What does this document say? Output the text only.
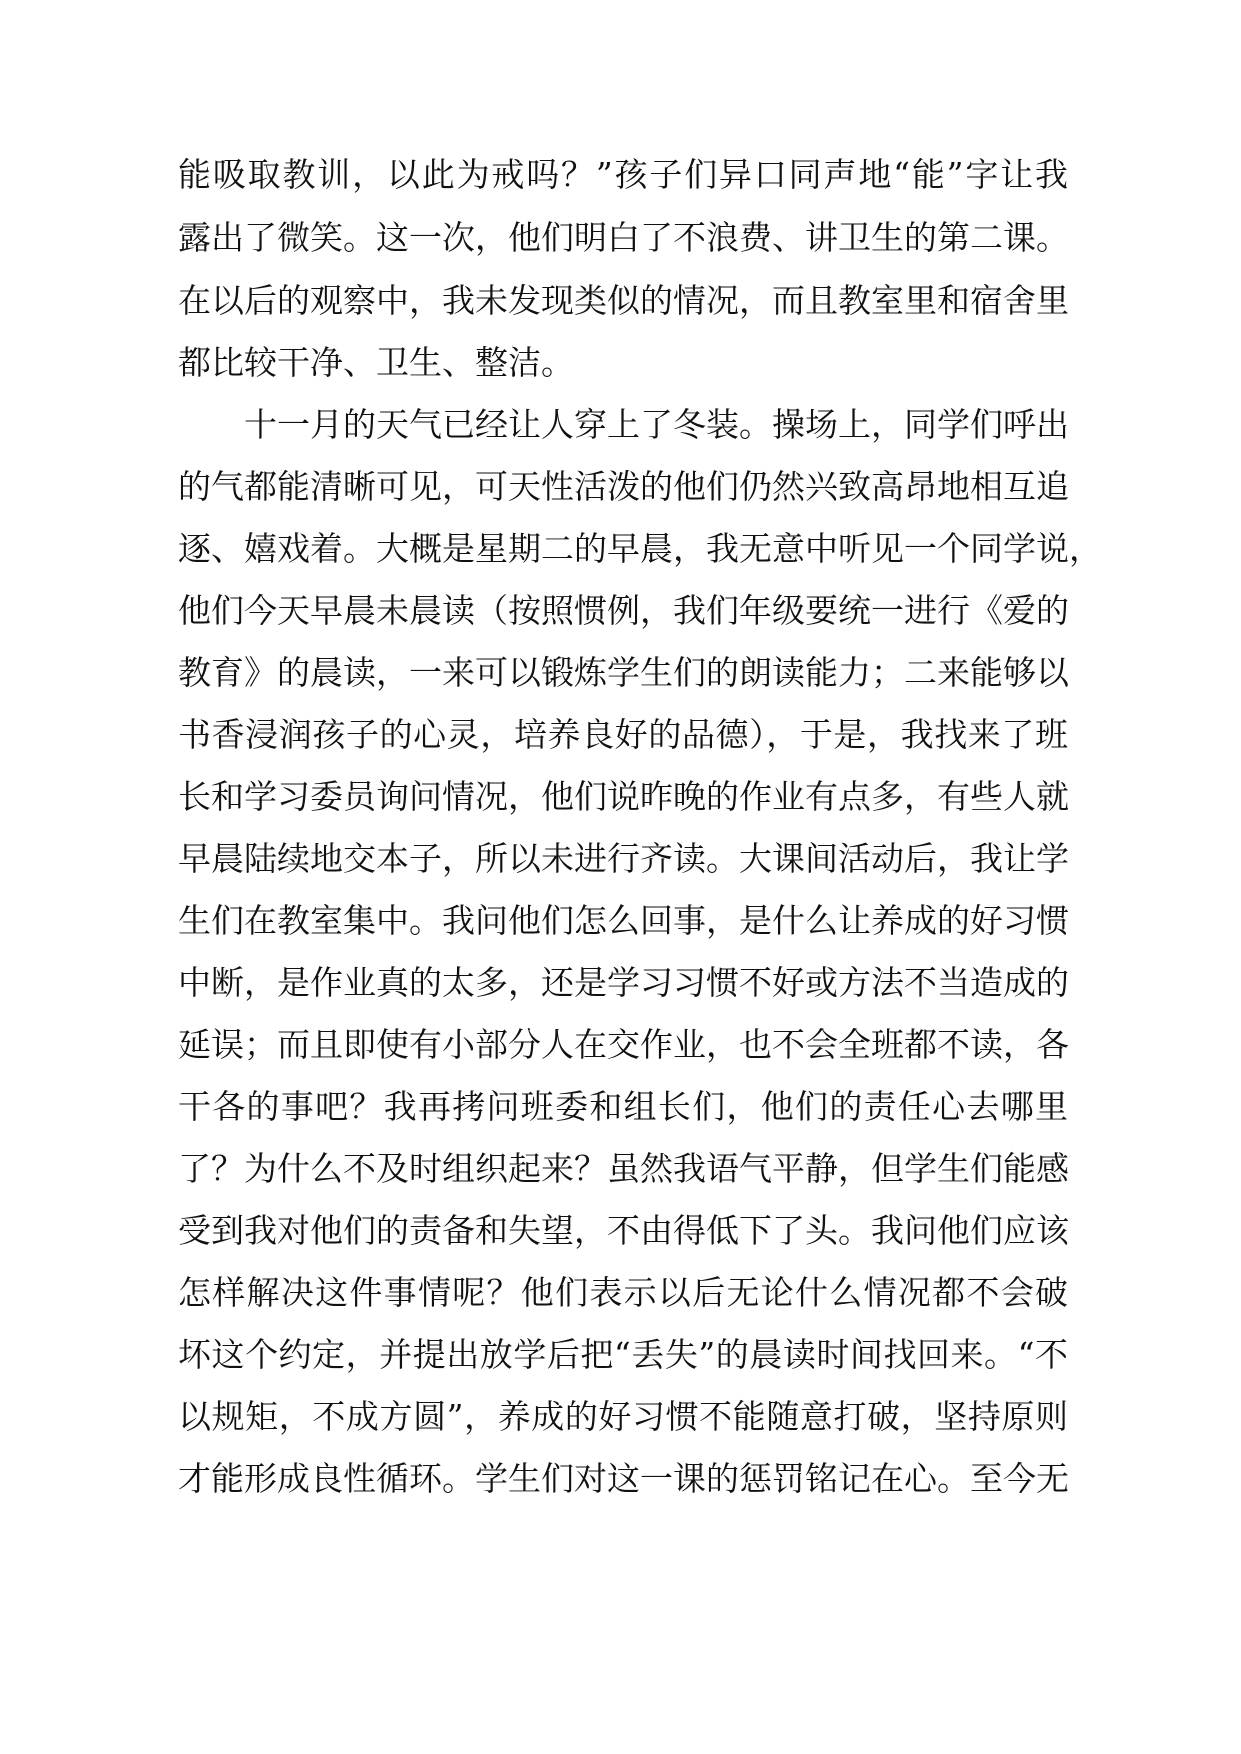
能吸取教训，以此为戒吗？”孩子们异口同声地“能”字让我
露出了微笑。这一次，他们明白了不浪费、讲卫生的第二课。
在以后的观察中，我未发现类似的情况，而且教室里和宿舍里
都比较干净、卫生、整洁。
十一月的天气已经让人穿上了冬装。操场上，同学们呼出
的气都能清晰可见，可天性活泼的他们仍然兴致高昂地相互追
逐、嬉戏着。大概是星期二的早晨，我无意中听见一个同学说，
他们今天早晨未晨读（按照惯例，我们年级要统一进行《爱的
教育》的晨读，一来可以锻炼学生们的朗读能力；二来能够以
书香浸润孩子的心灵，培养良好的品德），于是，我找来了班
长和学习委员询问情况，他们说昨晚的作业有点多，有些人就
早晨陆续地交本子，所以未进行齐读。大课间活动后，我让学
生们在教室集中。我问他们怎么回事，是什么让养成的好习惯
中断，是作业真的太多，还是学习习惯不好或方法不当造成的
延误；而且即使有小部分人在交作业，也不会全班都不读，各
干各的事吧？我再拷问班委和组长们，他们的责任心去哪里
了？为什么不及时组织起来？虽然我语气平静，但学生们能感
受到我对他们的责备和失望，不由得低下了头。我问他们应该
怎样解决这件事情呢？他们表示以后无论什么情况都不会破
坏这个约定，并提出放学后把“丢失”的晨读时间找回来。“不
以规矩，不成方圆”，养成的好习惯不能随意打破，坚持原则
才能形成良性循环。学生们对这一课的惩罚铭记在心。至今无
